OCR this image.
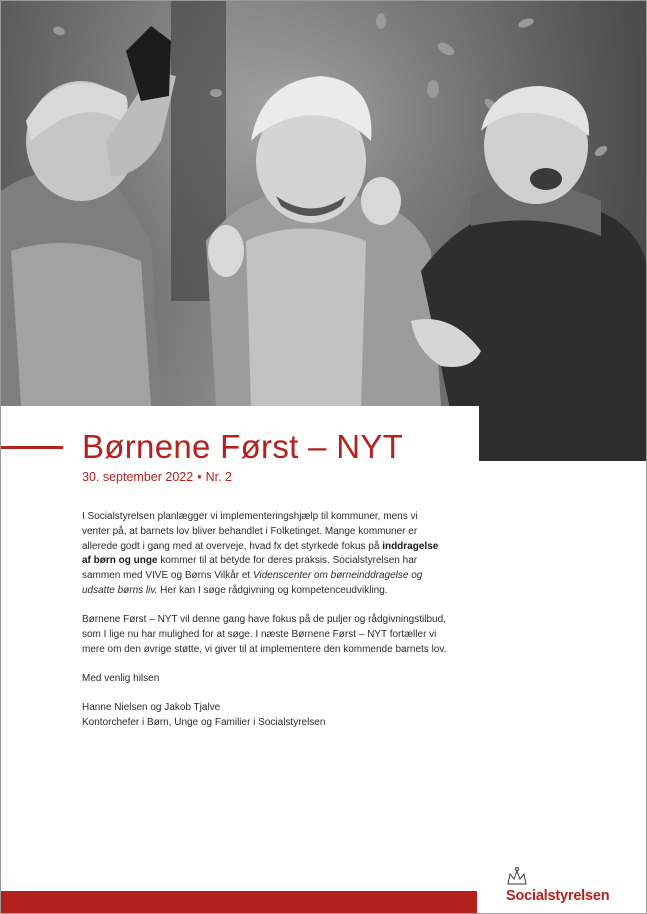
Børnene Først – NYT
30. september 2022 • Nr. 2

I Socialstyrelsen planlægger vi implementeringshjælp til kommuner, mens vi venter på, at barnets lov bliver behandlet i Folketinget. Mange kommuner er allerede godt i gang med at overveje, hvad fx det styrkede fokus på inddragelse af børn og unge kommer til at betyde for deres praksis. Socialstyrelsen har sammen med VIVE og Børns Vilkår et Videnscenter om børneinddragelse og udsatte børns liv. Her kan I søge rådgivning og kompetenceudvikling.

Børnene Først – NYT vil denne gang have fokus på de puljer og rådgivningstilbud, som I lige nu har mulighed for at søge. I næste Børnene Først – NYT fortæller vi mere om den øvrige støtte, vi giver til at implementere den kommende barnets lov.

Med venlig hilsen

Hanne Nielsen og Jakob Tjalve

Kontorchefer i Børn, Unge og Familier i Socialstyrelsen

Socialstyrelsen
